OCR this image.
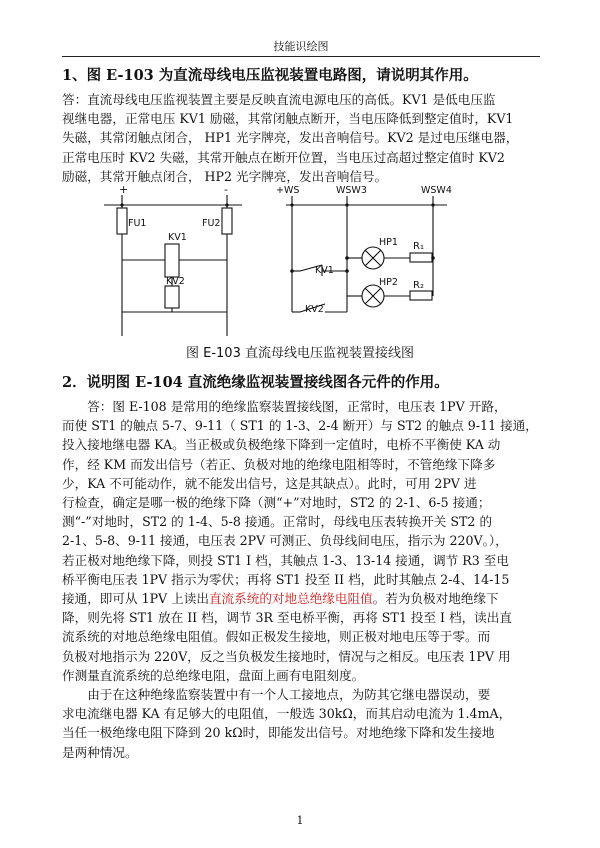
技能识绘图
1、图 E-103 为直流母线电压监视装置电路图，请说明其作用。
答：直流母线电压监视装置主要是反映直流电源电压的高低。KV1 是低电压监
视继电器，正常电压 KV1 励磁，其常闭触点断开，当电压降低到整定值时，KV1
失磁，其常闭触点闭合， HP1 光字牌亮，发出音响信号。KV2 是过电压继电器，
正常电压时 KV2 失磁，其常开触点在断开位置，当电压过高超过整定值时 KV2
励磁，其常开触点闭合， HP2 光字牌亮，发出音响信号。
+	-
FU1	FU2
KV1
KV2
+WS	WSW3	WSW4
HP1
HP2
R₁
R₂
KV1
KV2
图 E-103 直流母线电压监视装置接线图
2．说明图 E-104 直流绝缘监视装置接线图各元件的作用。
　　答：图 E-108 是常用的绝缘监察装置接线图，正常时，电压表 1PV 开路，
而使 ST1 的触点 5-7、9-11（ ST1 的 1-3、2-4 断开）与 ST2 的触点 9-11 接通，
投入接地继电器 KA。当正极或负极绝缘下降到一定值时，电桥不平衡使 KA 动
作，经 KM 而发出信号（若正、负极对地的绝缘电阻相等时，不管绝缘下降多
少，KA 不可能动作，就不能发出信号，这是其缺点）。此时，可用 2PV 进
行检查，确定是哪一极的绝缘下降（测“+”对地时，ST2 的 2-1、6-5 接通；
测“-”对地时，ST2 的 1-4、5-8 接通。正常时，母线电压表转换开关 ST2 的
2-1、5-8、9-11 接通，电压表 2PV 可测正、负母线间电压，指示为 220V。），
若正极对地绝缘下降，则投 ST1 I 档，其触点 1-3、13-14 接通，调节 R3 至电
桥平衡电压表 1PV 指示为零伏；再将 ST1 投至 II 档，此时其触点 2-4、14-15
接通，即可从 1PV 上读出直流系统的对地总绝缘电阻值。若为负极对地绝缘下
降，则先将 ST1 放在 II 档，调节 3R 至电桥平衡，再将 ST1 投至 I 档，读出直
流系统的对地总绝缘电阻值。假如正极发生接地，则正极对地电压等于零。而
负极对地指示为 220V，反之当负极发生接地时，情况与之相反。电压表 1PV 用
作测量直流系统的总绝缘电阻，盘面上画有电阻刻度。
　　由于在这种绝缘监察装置中有一个人工接地点，为防其它继电器误动，要
求电流继电器 KA 有足够大的电阻值，一般选 30kΩ，而其启动电流为 1.4mA，
当任一极绝缘电阻下降到 20 kΩ时，即能发出信号。对地绝缘下降和发生接地
是两种情况。
1
